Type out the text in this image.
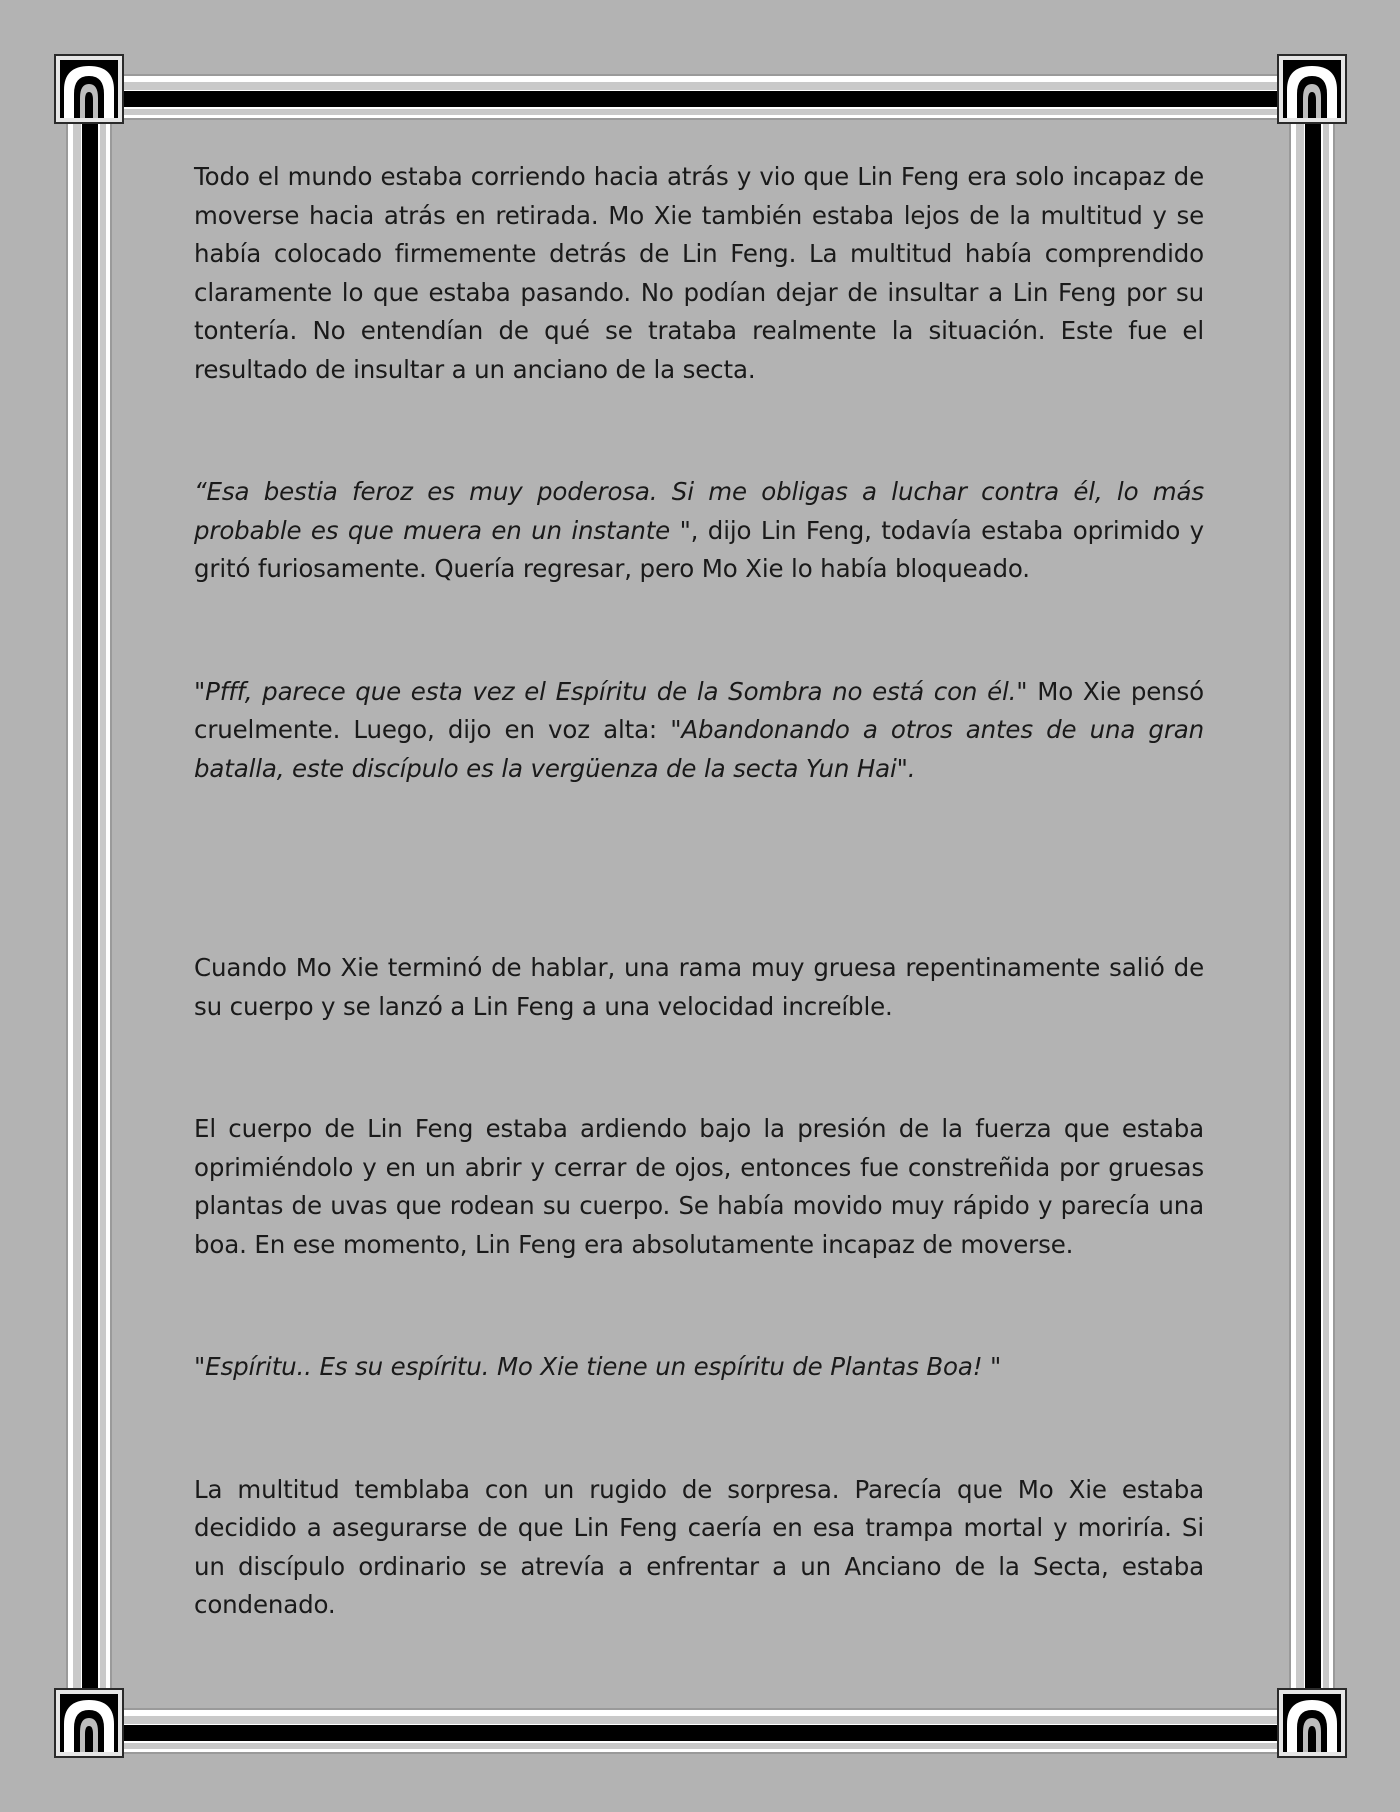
Todo el mundo estaba corriendo hacia atrás y vio que Lin Feng era solo incapaz de moverse hacia atrás en retirada. Mo Xie también estaba lejos de la multitud y se había colocado firmemente detrás de Lin Feng. La multitud había comprendido claramente lo que estaba pasando. No podían dejar de insultar a Lin Feng por su tontería. No entendían de qué se trataba realmente la situación. Este fue el resultado de insultar a un anciano de la secta.

“Esa bestia feroz es muy poderosa. Si me obligas a luchar contra él, lo más probable es que muera en un instante ", dijo Lin Feng, todavía estaba oprimido y gritó furiosamente. Quería regresar, pero Mo Xie lo había bloqueado.

"Pfff, parece que esta vez el Espíritu de la Sombra no está con él." Mo Xie pensó cruelmente. Luego, dijo en voz alta: "Abandonando a otros antes de una gran batalla, este discípulo es la vergüenza de la secta Yun Hai".

Cuando Mo Xie terminó de hablar, una rama muy gruesa repentinamente salió de su cuerpo y se lanzó a Lin Feng a una velocidad increíble.

El cuerpo de Lin Feng estaba ardiendo bajo la presión de la fuerza que estaba oprimiéndolo y en un abrir y cerrar de ojos, entonces fue constreñida por gruesas plantas de uvas que rodean su cuerpo. Se había movido muy rápido y parecía una boa. En ese momento, Lin Feng era absolutamente incapaz de moverse.

"Espíritu.. Es su espíritu. Mo Xie tiene un espíritu de Plantas Boa! "

La multitud temblaba con un rugido de sorpresa. Parecía que Mo Xie estaba decidido a asegurarse de que Lin Feng caería en esa trampa mortal y moriría. Si un discípulo ordinario se atrevía a enfrentar a un Anciano de la Secta, estaba condenado.
